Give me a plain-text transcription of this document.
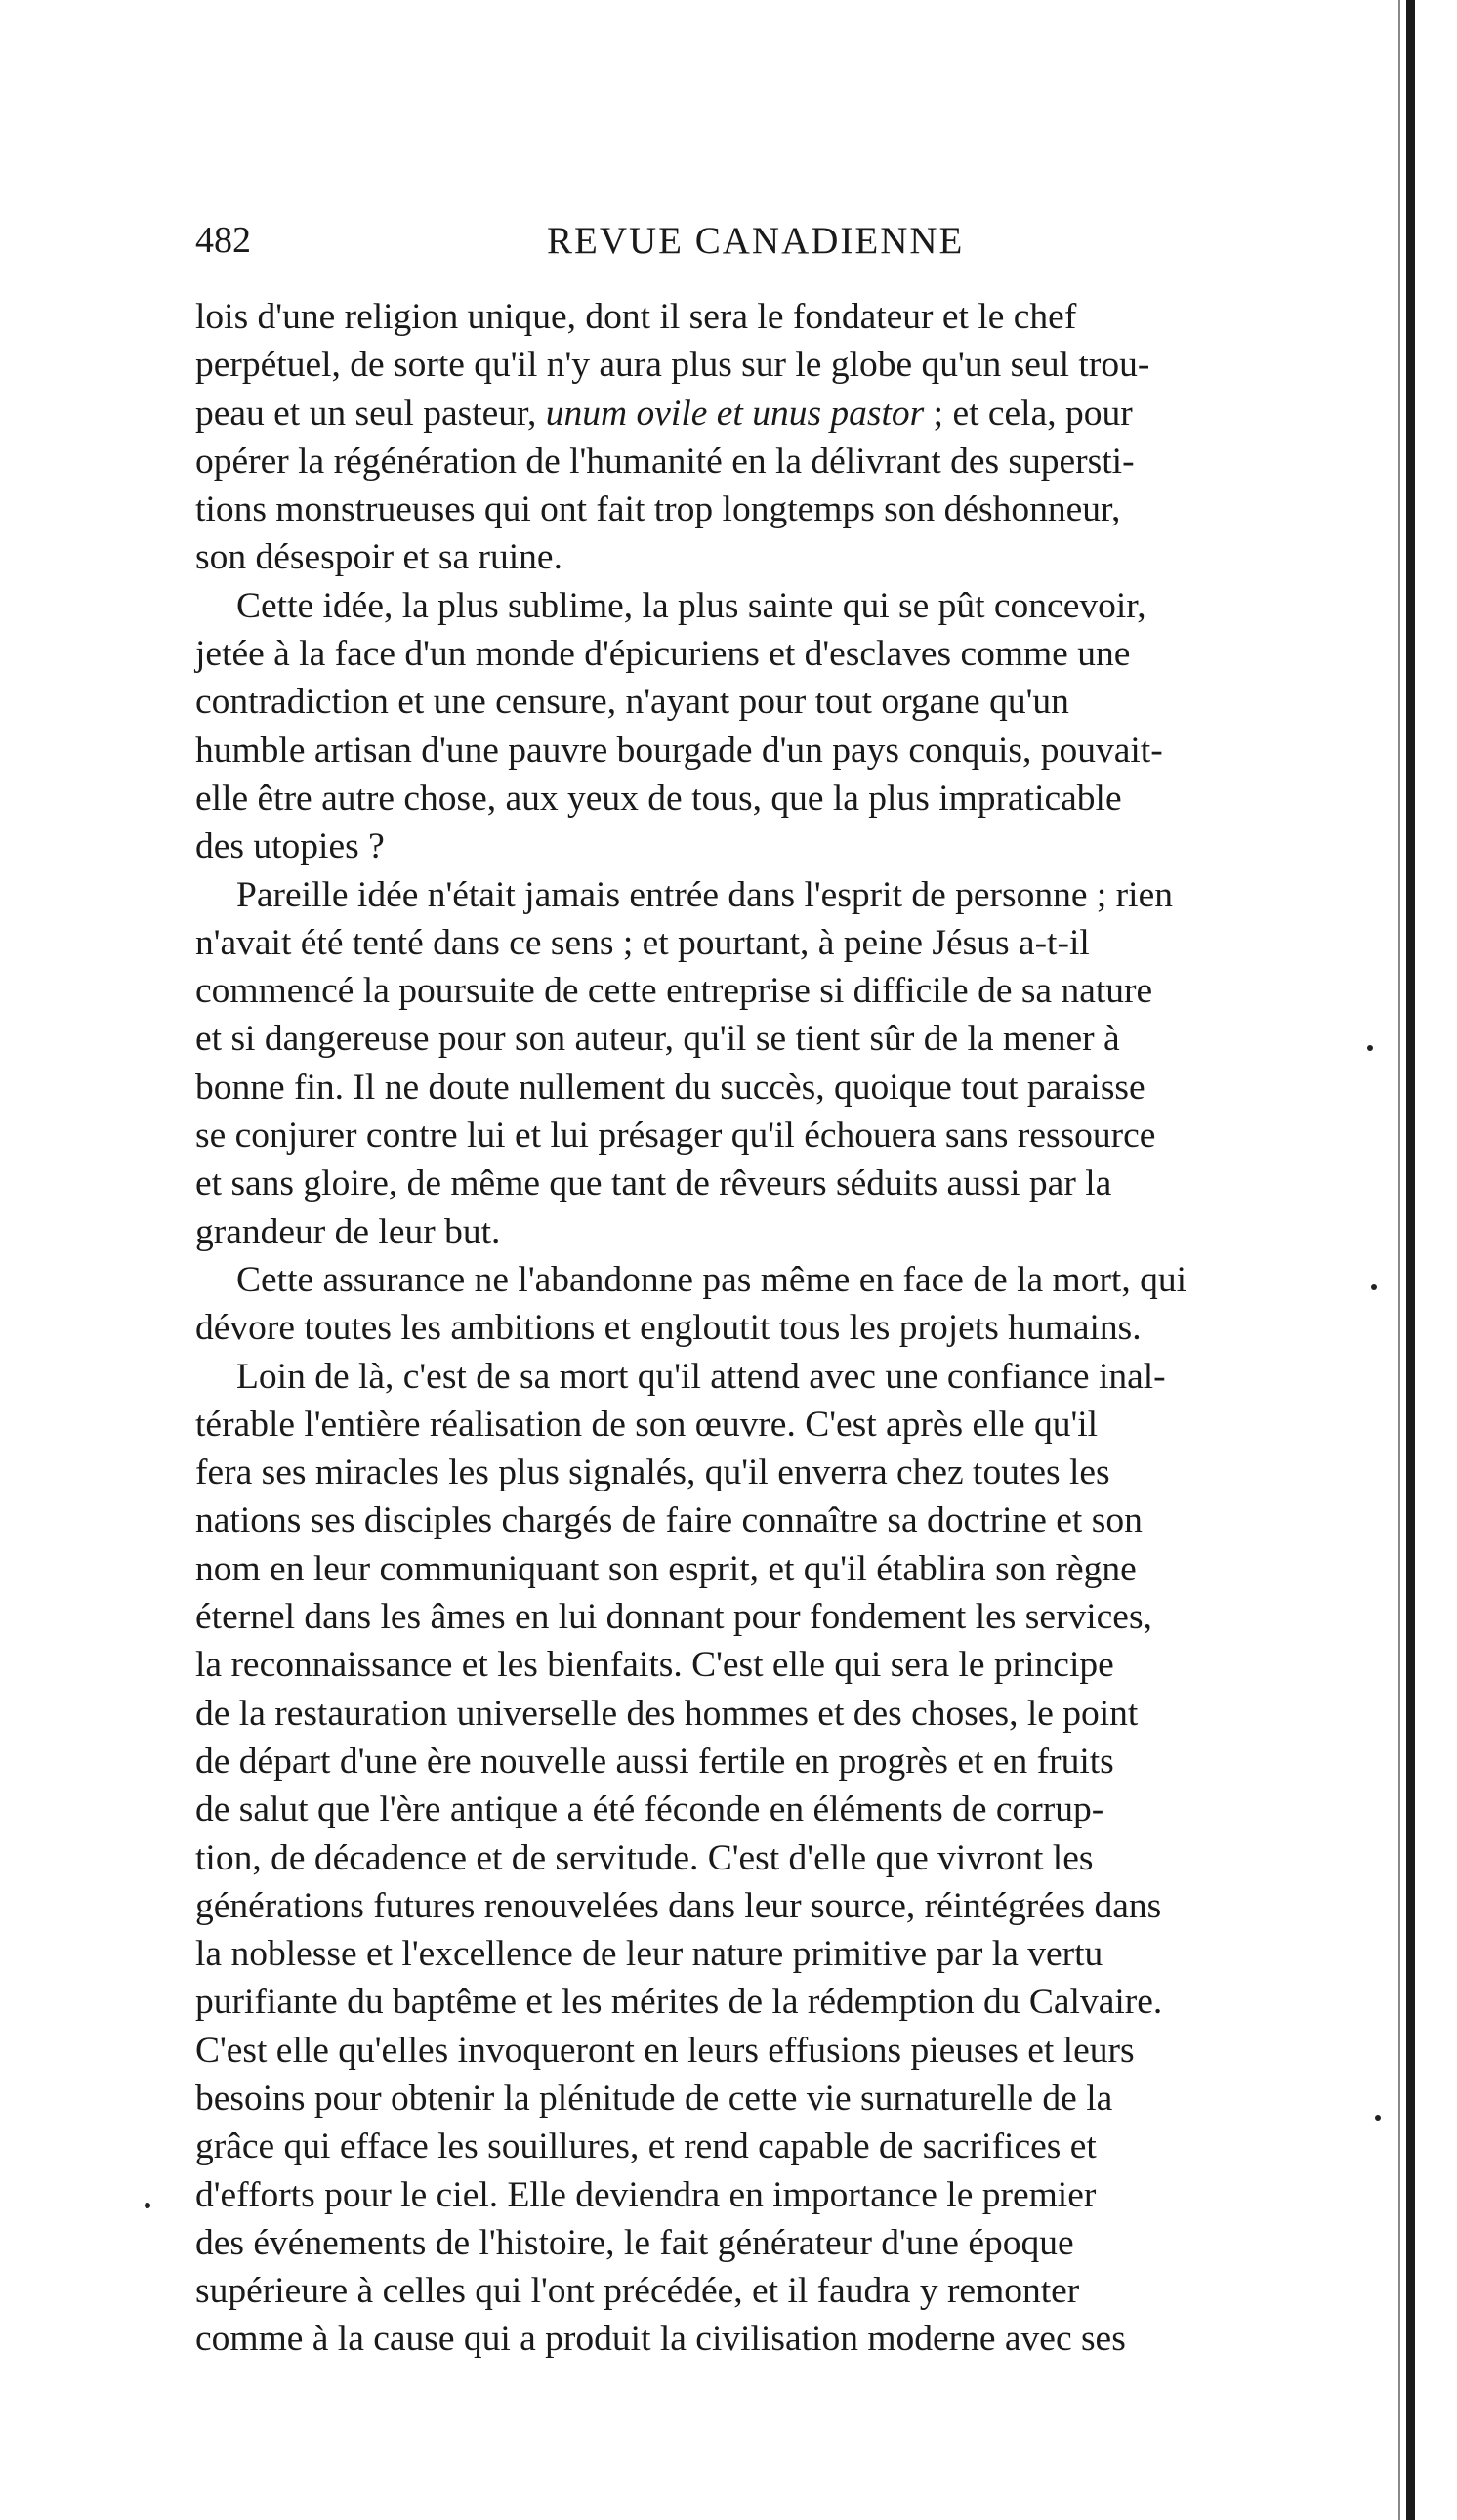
482	REVUE CANADIENNE
lois d'une religion unique, dont il sera le fondateur et le chef
perpétuel, de sorte qu'il n'y aura plus sur le globe qu'un seul trou-
peau et un seul pasteur, unum ovile et unus pastor ; et cela, pour
opérer la régénération de l'humanité en la délivrant des supersti-
tions monstrueuses qui ont fait trop longtemps son déshonneur,
son désespoir et sa ruine.
Cette idée, la plus sublime, la plus sainte qui se pût concevoir,
jetée à la face d'un monde d'épicuriens et d'esclaves comme une
contradiction et une censure, n'ayant pour tout organe qu'un
humble artisan d'une pauvre bourgade d'un pays conquis, pouvait-
elle être autre chose, aux yeux de tous, que la plus impraticable
des utopies ?
Pareille idée n'était jamais entrée dans l'esprit de personne ; rien
n'avait été tenté dans ce sens ; et pourtant, à peine Jésus a-t-il
commencé la poursuite de cette entreprise si difficile de sa nature
et si dangereuse pour son auteur, qu'il se tient sûr de la mener à
bonne fin. Il ne doute nullement du succès, quoique tout paraisse
se conjurer contre lui et lui présager qu'il échouera sans ressource
et sans gloire, de même que tant de rêveurs séduits aussi par la
grandeur de leur but.
Cette assurance ne l'abandonne pas même en face de la mort, qui
dévore toutes les ambitions et engloutit tous les projets humains.
Loin de là, c'est de sa mort qu'il attend avec une confiance inal-
térable l'entière réalisation de son œuvre. C'est après elle qu'il
fera ses miracles les plus signalés, qu'il enverra chez toutes les
nations ses disciples chargés de faire connaître sa doctrine et son
nom en leur communiquant son esprit, et qu'il établira son règne
éternel dans les âmes en lui donnant pour fondement les services,
la reconnaissance et les bienfaits. C'est elle qui sera le principe
de la restauration universelle des hommes et des choses, le point
de départ d'une ère nouvelle aussi fertile en progrès et en fruits
de salut que l'ère antique a été féconde en éléments de corrup-
tion, de décadence et de servitude. C'est d'elle que vivront les
générations futures renouvelées dans leur source, réintégrées dans
la noblesse et l'excellence de leur nature primitive par la vertu
purifiante du baptême et les mérites de la rédemption du Calvaire.
C'est elle qu'elles invoqueront en leurs effusions pieuses et leurs
besoins pour obtenir la plénitude de cette vie surnaturelle de la
grâce qui efface les souillures, et rend capable de sacrifices et
d'efforts pour le ciel. Elle deviendra en importance le premier
des événements de l'histoire, le fait générateur d'une époque
supérieure à celles qui l'ont précédée, et il faudra y remonter
comme à la cause qui a produit la civilisation moderne avec ses
